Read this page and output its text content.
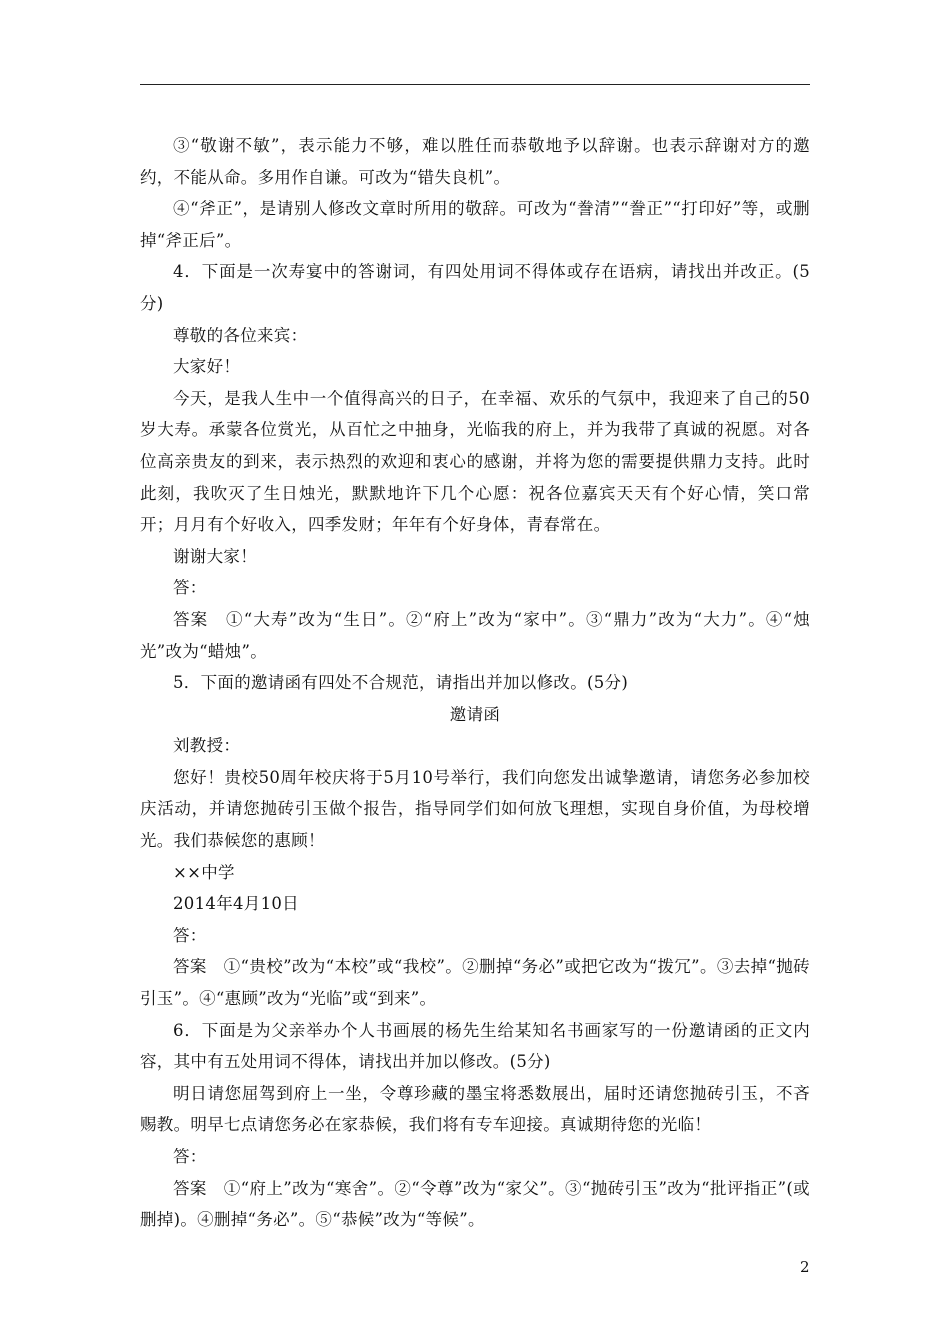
③“敬谢不敏”，表示能力不够，难以胜任而恭敬地予以辞谢。也表示辞谢对方的邀约，不能从命。多用作自谦。可改为“错失良机”。

④“斧正”，是请别人修改文章时所用的敬辞。可改为“誊清”“誊正”“打印好”等，或删掉“斧正后”。

4．下面是一次寿宴中的答谢词，有四处用词不得体或存在语病，请找出并改正。(5分)

尊敬的各位来宾：

大家好！

今天，是我人生中一个值得高兴的日子，在幸福、欢乐的气氛中，我迎来了自己的50岁大寿。承蒙各位赏光，从百忙之中抽身，光临我的府上，并为我带了真诚的祝愿。对各位高亲贵友的到来，表示热烈的欢迎和衷心的感谢，并将为您的需要提供鼎力支持。此时此刻，我吹灭了生日烛光，默默地许下几个心愿：祝各位嘉宾天天有个好心情，笑口常开；月月有个好收入，四季发财；年年有个好身体，青春常在。

谢谢大家！

答：

答案　①“大寿”改为“生日”。②“府上”改为“家中”。③“鼎力”改为“大力”。④“烛光”改为“蜡烛”。

5．下面的邀请函有四处不合规范，请指出并加以修改。(5分)

邀请函

刘教授：

您好！贵校50周年校庆将于5月10号举行，我们向您发出诚挚邀请，请您务必参加校庆活动，并请您抛砖引玉做个报告，指导同学们如何放飞理想，实现自身价值，为母校增光。我们恭候您的惠顾！

××中学

2014年4月10日

答：

答案　①“贵校”改为“本校”或“我校”。②删掉“务必”或把它改为“拨冗”。③去掉“抛砖引玉”。④“惠顾”改为“光临”或“到来”。

6．下面是为父亲举办个人书画展的杨先生给某知名书画家写的一份邀请函的正文内容，其中有五处用词不得体，请找出并加以修改。(5分)

明日请您屈驾到府上一坐，令尊珍藏的墨宝将悉数展出，届时还请您抛砖引玉，不吝赐教。明早七点请您务必在家恭候，我们将有专车迎接。真诚期待您的光临！

答：

答案　①“府上”改为“寒舍”。②“令尊”改为“家父”。③“抛砖引玉”改为“批评指正”(或删掉)。④删掉“务必”。⑤“恭候”改为“等候”。

2
